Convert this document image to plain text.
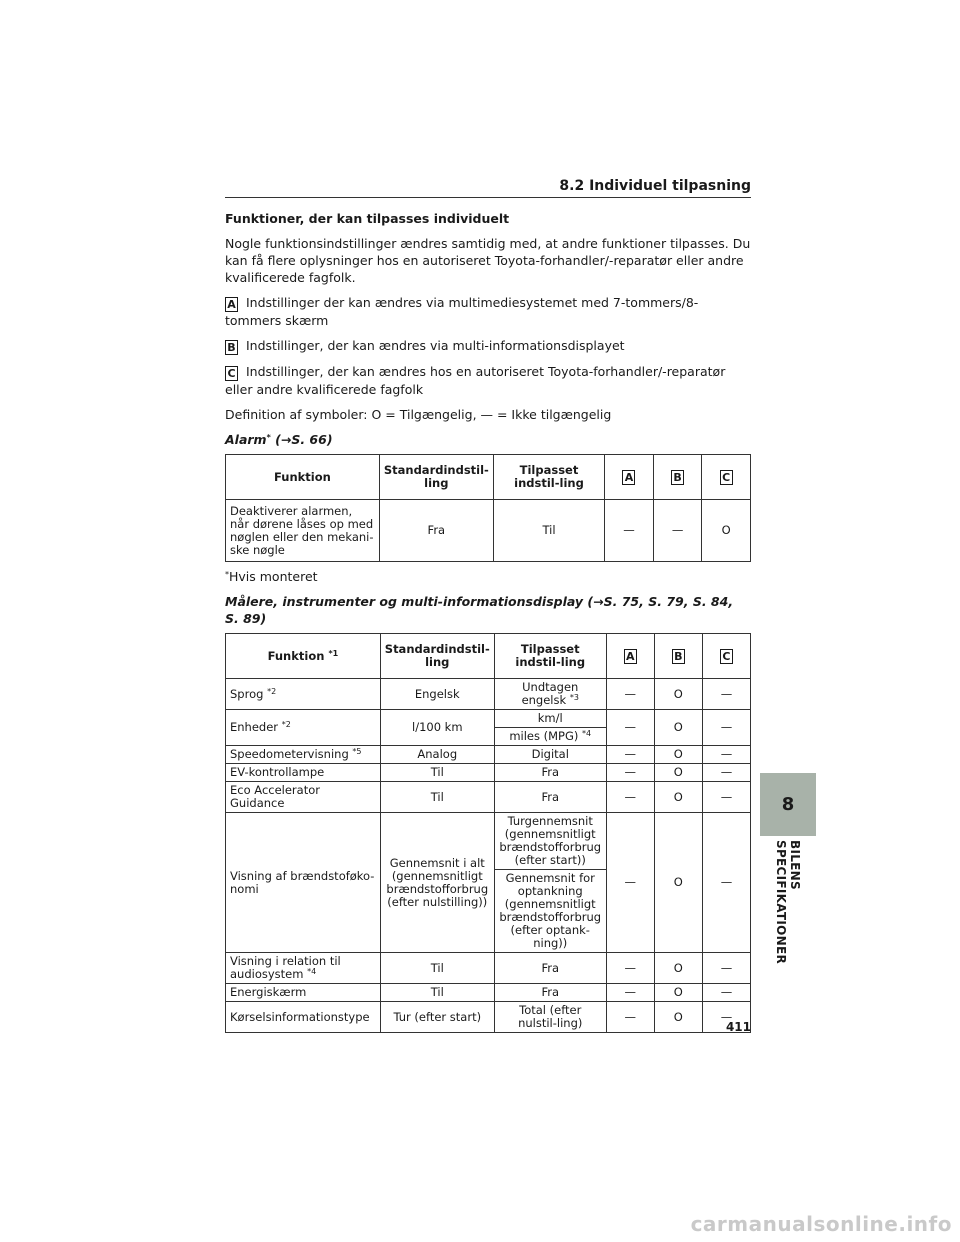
8.2 Individuel tilpasning
Funktioner, der kan tilpasses individuelt

Nogle funktionsindstillinger ændres samtidig med, at andre funktioner tilpasses. Du kan få flere oplysninger hos en autoriseret Toyota-forhandler/-reparatør eller andre kvalificerede fagfolk.

A Indstillinger der kan ændres via multimediesystemet med 7-tommers/8-tommers skærm
B Indstillinger, der kan ændres via multi-informationsdisplayet
C Indstillinger, der kan ændres hos en autoriseret Toyota-forhandler/-reparatør eller andre kvalificerede fagfolk

Definition af symboler: O = Tilgængelig, — = Ikke tilgængelig

Alarm* (→S. 66)
Funktion	Standardindstil-ling	Tilpasset indstil-ling	A	B	C
Deaktiverer alarmen, når dørene låses op med nøglen eller den mekani-ske nøgle	Fra	Til	—	—	O
*Hvis monteret
Målere, instrumenter og multi-informationsdisplay (→S. 75, S. 79, S. 84, S. 89)
Funktion $^{*1}$	Standardindstil-ling	Tilpasset indstil-ling	A	B	C
Sprog $^{*2}$	Engelsk	Undtagen engelsk $^{*3}$	—	O	—
Enheder $^{*2}$	l/100 km	km/l	—	O	—
		miles (MPG) $^{*4}$
Speedometervisning $^{*5}$	Analog	Digital	—	O	—
EV-kontrollampe	Til	Fra	—	O	—
Eco Accelerator Guidance	Til	Fra	—	O	—
Visning af brændstoføko-nomi	Gennemsnit i alt (gennemsnitligt brændstofforbrug (efter nulstilling))	Turgennemsnit (gennemsnitligt brændstofforbrug (efter start))	—	O	—
		Gennemsnit for optankning (gennemsnitligt brændstofforbrug (efter optank-ning))			
Visning i relation til audiosystem $^{*4}$	Til	Fra	—	O	—
Energiskærm	Til	Fra	—	O	—
Kørselsinformationstype	Tur (efter start)	Total (efter nulstil-ling)	—	O	—
8
BILENS SPECIFIKATIONER
411
carmanualsonline.info
